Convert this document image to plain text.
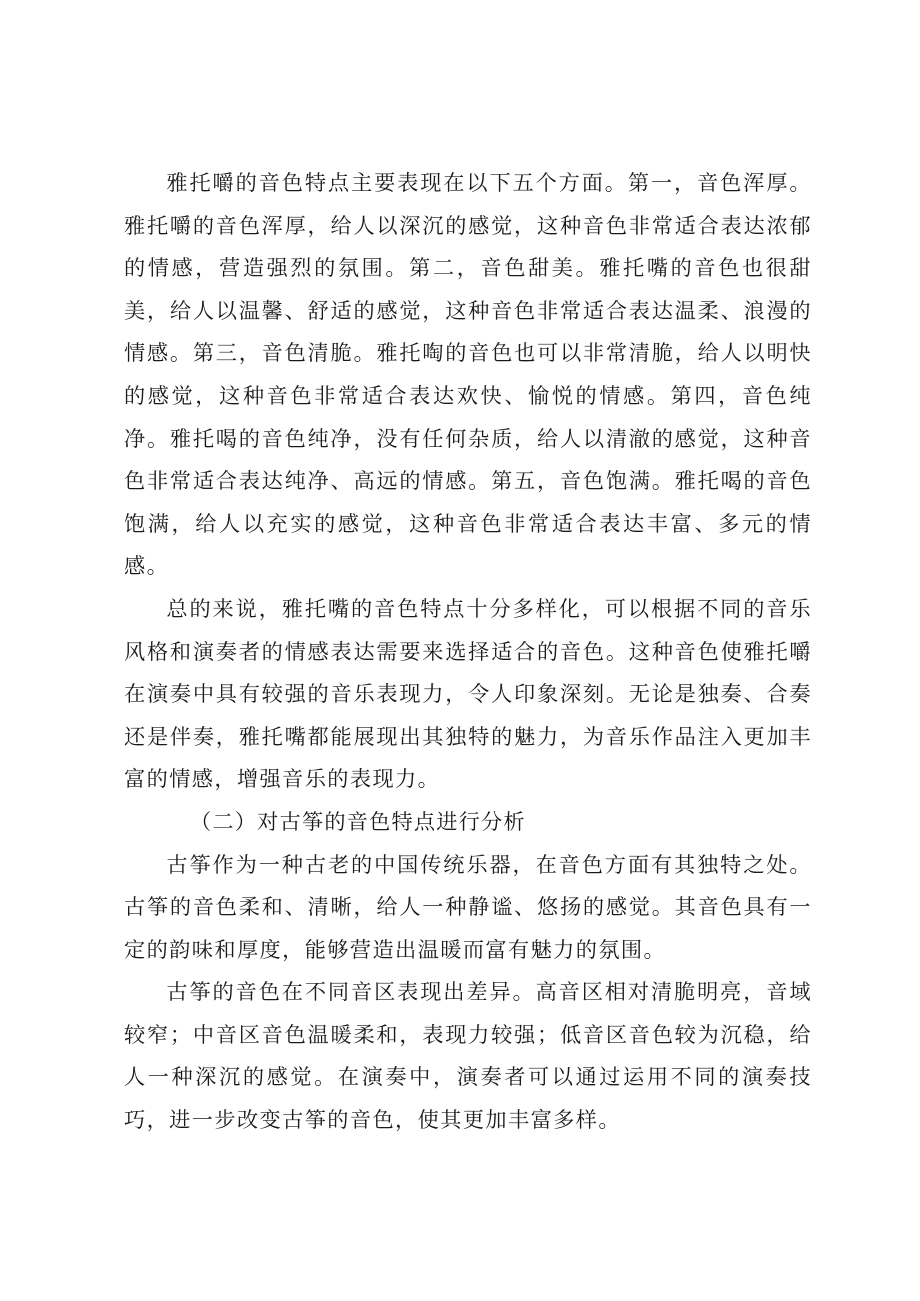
雅托嚼的音色特点主要表现在以下五个方面。第一，音色浑厚。雅托嚼的音色浑厚，给人以深沉的感觉，这种音色非常适合表达浓郁的情感，营造强烈的氛围。第二，音色甜美。雅托嘴的音色也很甜美，给人以温馨、舒适的感觉，这种音色非常适合表达温柔、浪漫的情感。第三，音色清脆。雅托啕的音色也可以非常清脆，给人以明快的感觉，这种音色非常适合表达欢快、愉悦的情感。第四，音色纯净。雅托喝的音色纯净，没有任何杂质，给人以清澈的感觉，这种音色非常适合表达纯净、高远的情感。第五，音色饱满。雅托喝的音色饱满，给人以充实的感觉，这种音色非常适合表达丰富、多元的情感。

总的来说，雅托嘴的音色特点十分多样化，可以根据不同的音乐风格和演奏者的情感表达需要来选择适合的音色。这种音色使雅托嚼在演奏中具有较强的音乐表现力，令人印象深刻。无论是独奏、合奏还是伴奏，雅托嘴都能展现出其独特的魅力，为音乐作品注入更加丰富的情感，增强音乐的表现力。

（二）对古筝的音色特点进行分析

古筝作为一种古老的中国传统乐器，在音色方面有其独特之处。古筝的音色柔和、清晰，给人一种静谧、悠扬的感觉。其音色具有一定的韵味和厚度，能够营造出温暖而富有魅力的氛围。

古筝的音色在不同音区表现出差异。高音区相对清脆明亮，音域较窄；中音区音色温暖柔和，表现力较强；低音区音色较为沉稳，给人一种深沉的感觉。在演奏中，演奏者可以通过运用不同的演奏技巧，进一步改变古筝的音色，使其更加丰富多样。
